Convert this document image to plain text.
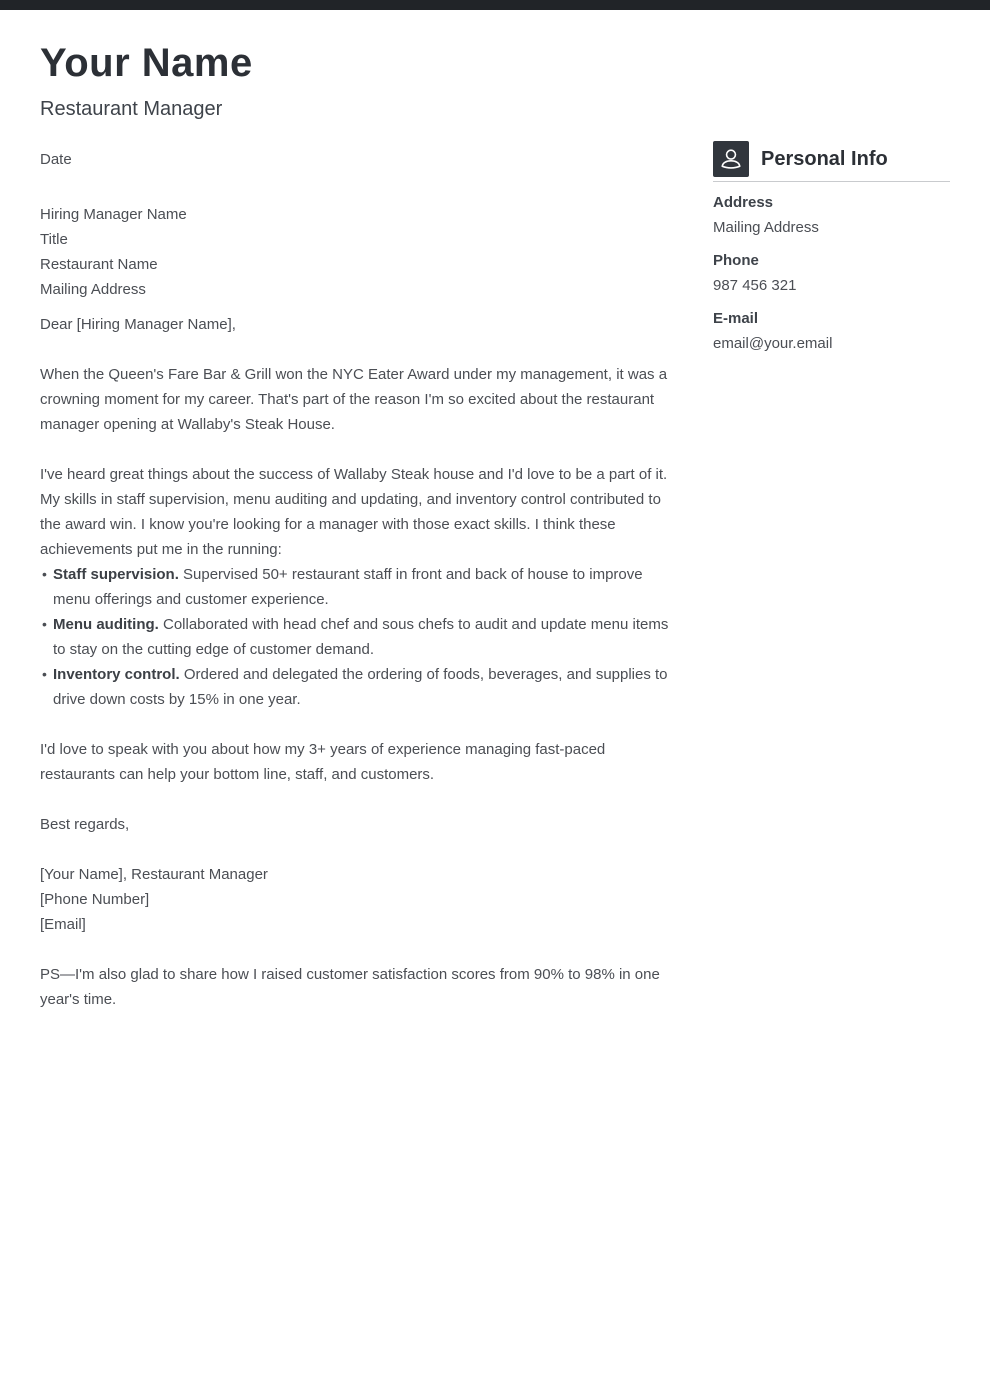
Your Name
Restaurant Manager
Date
Hiring Manager Name
Title
Restaurant Name
Mailing Address
Dear [Hiring Manager Name],

When the Queen's Fare Bar & Grill won the NYC Eater Award under my management, it was a crowning moment for my career. That's part of the reason I'm so excited about the restaurant manager opening at Wallaby's Steak House.

I've heard great things about the success of Wallaby Steak house and I'd love to be a part of it. My skills in staff supervision, menu auditing and updating, and inventory control contributed to the award win. I know you're looking for a manager with those exact skills. I think these achievements put me in the running:

• Staff supervision. Supervised 50+ restaurant staff in front and back of house to improve menu offerings and customer experience.
• Menu auditing. Collaborated with head chef and sous chefs to audit and update menu items to stay on the cutting edge of customer demand.
• Inventory control. Ordered and delegated the ordering of foods, beverages, and supplies to drive down costs by 15% in one year.

I'd love to speak with you about how my 3+ years of experience managing fast-paced restaurants can help your bottom line, staff, and customers.

Best regards,
[Your Name], Restaurant Manager
[Phone Number]
[Email]

PS—I'm also glad to share how I raised customer satisfaction scores from 90% to 98% in one year's time.

Personal Info
Address
Mailing Address
Phone
987 456 321
E-mail
email@your.email
